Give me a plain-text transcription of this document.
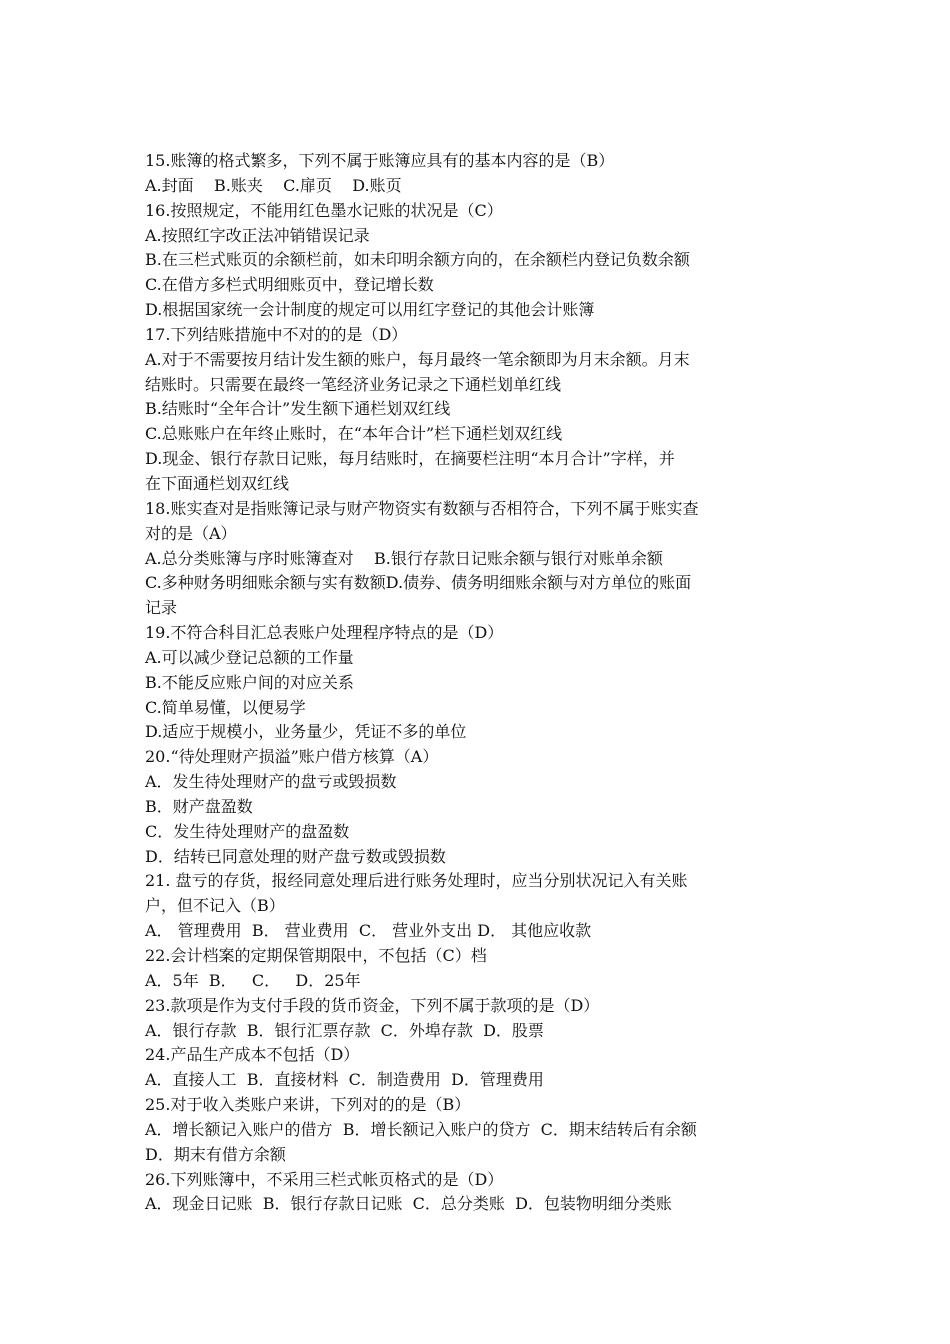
15.账簿的格式繁多，下列不属于账簿应具有的基本内容的是（B）
A.封面    B.账夹    C.扉页    D.账页
16.按照规定，不能用红色墨水记账的状况是（C）
A.按照红字改正法冲销错误记录
B.在三栏式账页的余额栏前，如未印明余额方向的，在余额栏内登记负数余额
C.在借方多栏式明细账页中，登记增长数
D.根据国家统一会计制度的规定可以用红字登记的其他会计账簿
17.下列结账措施中不对的的是（D）
A.对于不需要按月结计发生额的账户，每月最终一笔余额即为月末余额。月末
结账时。只需要在最终一笔经济业务记录之下通栏划单红线
B.结账时“全年合计”发生额下通栏划双红线
C.总账账户在年终止账时，在“本年合计”栏下通栏划双红线
D.现金、银行存款日记账，每月结账时，在摘要栏注明“本月合计”字样，并
在下面通栏划双红线
18.账实查对是指账簿记录与财产物资实有数额与否相符合，下列不属于账实查
对的是（A）
A.总分类账簿与序时账簿查对    B.银行存款日记账余额与银行对账单余额
C.多种财务明细账余额与实有数额D.债券、债务明细账余额与对方单位的账面
记录
19.不符合科目汇总表账户处理程序特点的是（D）
A.可以减少登记总额的工作量
B.不能反应账户间的对应关系
C.简单易懂，以便易学
D.适应于规模小，业务量少，凭证不多的单位
20.“待处理财产损溢”账户借方核算（A）
A．发生待处理财产的盘亏或毁损数
B．财产盘盈数
C．发生待处理财产的盘盈数
D．结转已同意处理的财产盘亏数或毁损数
21. 盘亏的存货，报经同意处理后进行账务处理时，应当分别状况记入有关账
户，但不记入（B）
A． 管理费用  B． 营业费用  C． 营业外支出 D． 其他应收款
22.会计档案的定期保管期限中，不包括（C）档
A．5年  B．   C．   D．25年
23.款项是作为支付手段的货币资金，下列不属于款项的是（D）
A．银行存款  B．银行汇票存款  C．外埠存款  D．股票
24.产品生产成本不包括（D）
A．直接人工  B．直接材料  C．制造费用  D．管理费用
25.对于收入类账户来讲，下列对的的是（B）
A．增长额记入账户的借方  B．增长额记入账户的贷方  C．期末结转后有余额
D．期末有借方余额
26.下列账簿中，不采用三栏式帐页格式的是（D）
A．现金日记账  B．银行存款日记账  C．总分类账  D．包装物明细分类账
